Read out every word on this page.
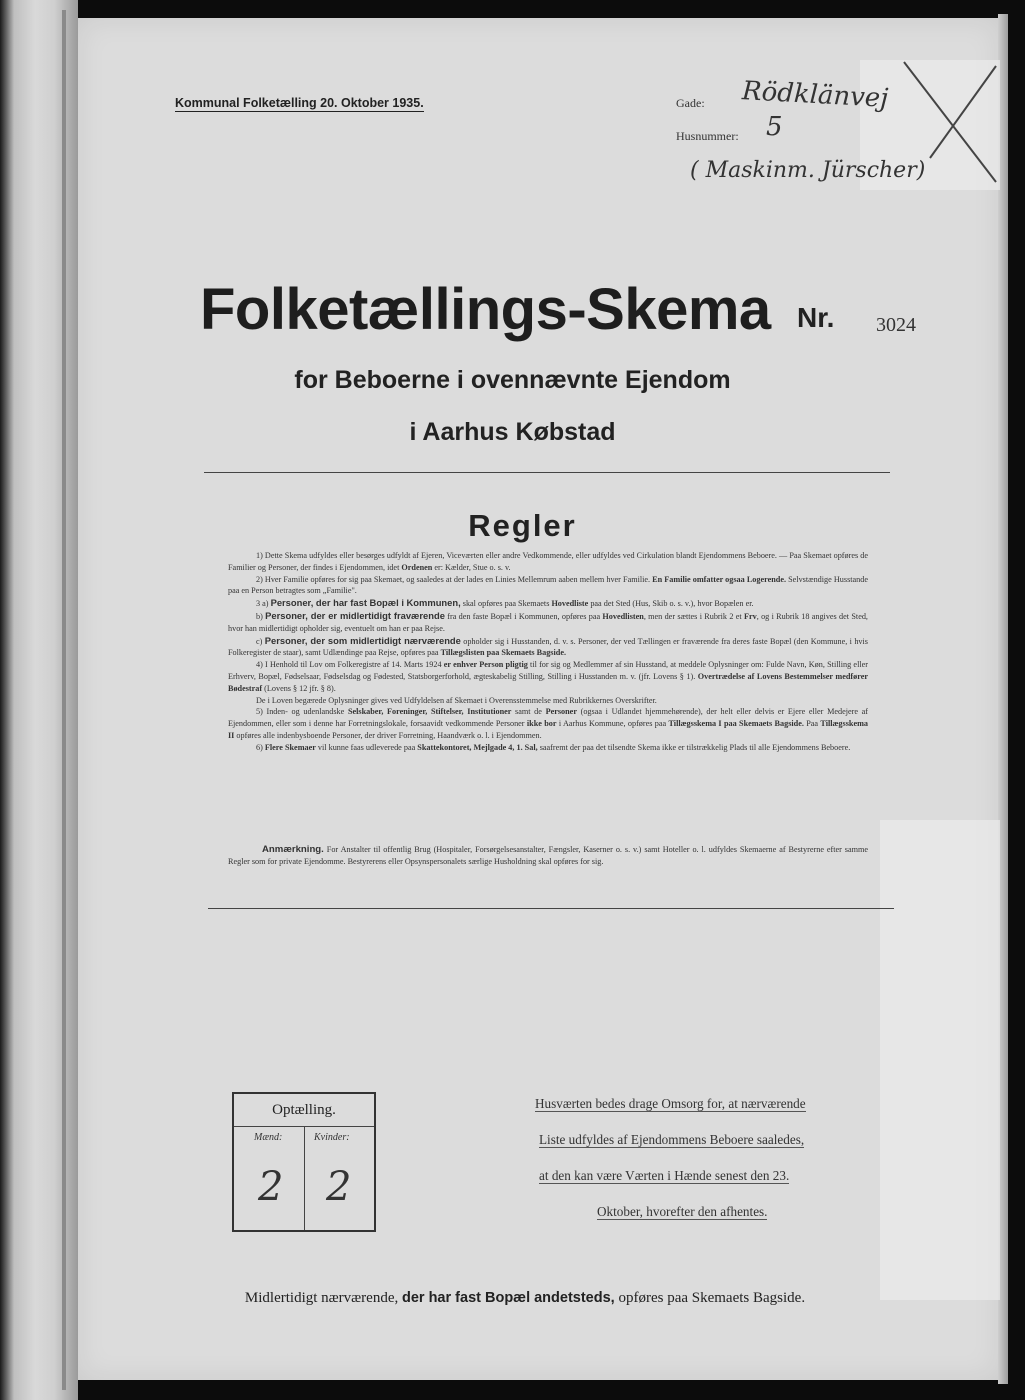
Kommunal Folketælling 20. Oktober 1935.	Gade: Rödklänvej
Husnummer: 5
( Maskinm. Jürscher)
Folketællings-Skema Nr. 3024
for Beboerne i ovennævnte Ejendom
i Aarhus Købstad
Regler

1) Dette Skema udfyldes eller besørges udfyldt af Ejeren, Viceværten eller andre Vedkommende, eller udfyldes ved Cirkulation blandt Ejendommens Beboere. — Paa Skemaet opføres de Familier og Personer, der findes i Ejendommen, idet Ordenen er: Kælder, Stue o. s. v.

2) Hver Familie opføres for sig paa Skemaet, og saaledes at der lades en Linies Mellemrum aaben mellem hver Familie. En Familie omfatter ogsaa Logerende. Selvstændige Husstande paa en Person betragtes som „Familie".

3 a) Personer, der har fast Bopæl i Kommunen, skal opføres paa Skemaets Hovedliste paa det Sted (Hus, Skib o. s. v.), hvor Bopælen er.

b) Personer, der er midlertidigt fraværende fra den faste Bopæl i Kommunen, opføres paa Hovedlisten, men der sættes i Rubrik 2 et Frv, og i Rubrik 18 angives det Sted, hvor han midlertidigt opholder sig, eventuelt om han er paa Rejse.

c) Personer, der som midlertidigt nærværende opholder sig i Husstanden, d. v. s. Personer, der ved Tællingen er fraværende fra deres faste Bopæl (den Kommune, i hvis Folkeregister de staar), samt Udlændinge paa Rejse, opføres paa Tillægslisten paa Skemaets Bagside.

4) I Henhold til Lov om Folkeregistre af 14. Marts 1924 er enhver Person pligtig til for sig og Medlemmer af sin Husstand, at meddele Oplysninger om: Fulde Navn, Køn, Stilling eller Erhverv, Bopæl, Fødselsaar, Fødselsdag og Fødested, Statsborgerforhold, ægteskabelig Stilling, Stilling i Husstanden m. v. (jfr. Lovens § 1). Overtrædelse af Lovens Bestemmelser medfører Bødestraf (Lovens § 12 jfr. § 8).

De i Loven begærede Oplysninger gives ved Udfyldelsen af Skemaet i Overensstemmelse med Rubrikkernes Overskrifter.

5) Inden- og udenlandske Selskaber, Foreninger, Stiftelser, Institutioner samt de Personer (ogsaa i Udlandet hjemmehørende), der helt eller delvis er Ejere eller Medejere af Ejendommen, eller som i denne har Forretningslokale, forsaavidt vedkommende Personer ikke bor i Aarhus Kommune, opføres paa Tillægsskema I paa Skemaets Bagside. Paa Tillægsskema II opføres alle indenbysboende Personer, der driver Forretning, Haandværk o. l. i Ejendommen.

6) Flere Skemaer vil kunne faas udleverede paa Skattekontoret, Mejlgade 4, 1. Sal, saafremt der paa det tilsendte Skema ikke er tilstrækkelig Plads til alle Ejendommens Beboere.

Anmærkning. For Anstalter til offentlig Brug (Hospitaler, Forsørgelsesanstalter, Fængsler, Kaserner o. s. v.) samt Hoteller o. l. udfyldes Skemaerne af Bestyrerne efter samme Regler som for private Ejendomme. Bestyrerens eller Opsynspersonalets særlige Husholdning skal opføres for sig.
Optælling.
Mænd:	Kvinder:
2 2
Husværten bedes drage Omsorg for, at nærværende
Liste udfyldes af Ejendommens Beboere saaledes,
at den kan være Værten i Hænde senest den 23.
Oktober, hvorefter den afhentes.
Midlertidigt nærværende, der har fast Bopæl andetsteds, opføres paa Skemaets Bagside.
